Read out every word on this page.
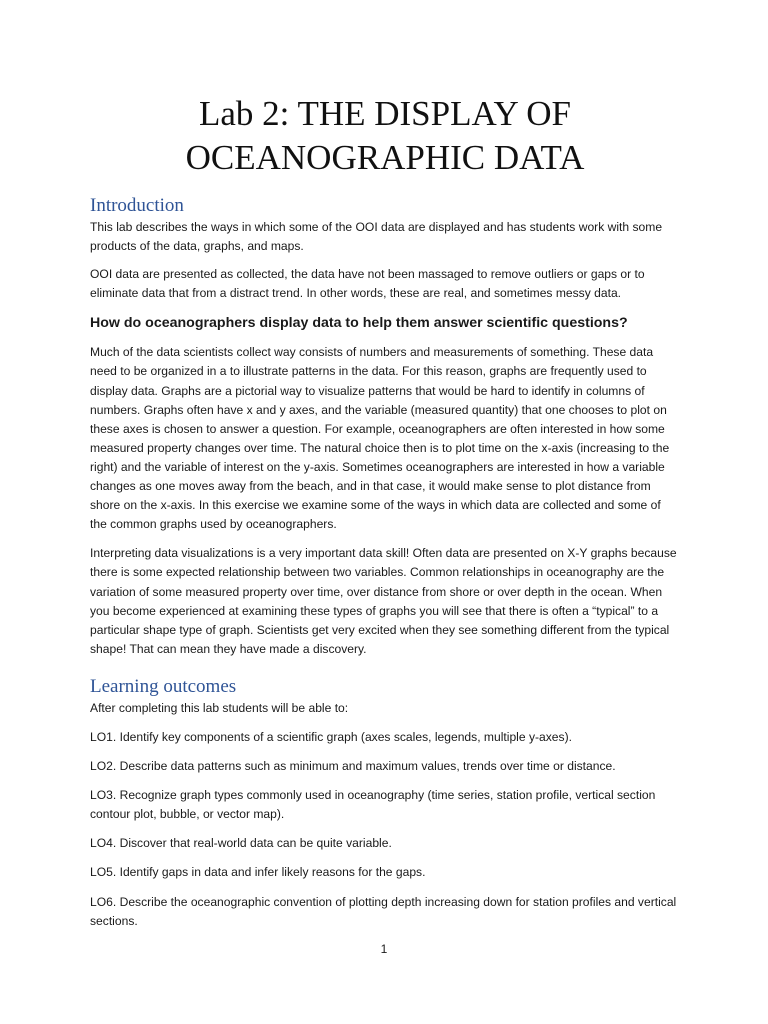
Lab 2: THE DISPLAY OF
OCEANOGRAPHIC DATA
Introduction

This lab describes the ways in which some of the OOI data are displayed and has students work with some products of the data, graphs, and maps.

OOI data are presented as collected, the data have not been massaged to remove outliers or gaps or to eliminate data that from a distract trend. In other words, these are real, and sometimes messy data.

How do oceanographers display data to help them answer scientific questions?

Much of the data scientists collect way consists of numbers and measurements of something. These data need to be organized in a to illustrate patterns in the data. For this reason, graphs are frequently used to display data. Graphs are a pictorial way to visualize patterns that would be hard to identify in columns of numbers. Graphs often have x and y axes, and the variable (measured quantity) that one chooses to plot on these axes is chosen to answer a question. For example, oceanographers are often interested in how some measured property changes over time. The natural choice then is to plot time on the x-axis (increasing to the right) and the variable of interest on the y-axis. Sometimes oceanographers are interested in how a variable changes as one moves away from the beach, and in that case, it would make sense to plot distance from shore on the x-axis. In this exercise we examine some of the ways in which data are collected and some of the common graphs used by oceanographers.

Interpreting data visualizations is a very important data skill! Often data are presented on X-Y graphs because there is some expected relationship between two variables. Common relationships in oceanography are the variation of some measured property over time, over distance from shore or over depth in the ocean. When you become experienced at examining these types of graphs you will see that there is often a “typical” to a particular shape type of graph. Scientists get very excited when they see something different from the typical shape! That can mean they have made a discovery.

Learning outcomes

After completing this lab students will be able to:

LO1. Identify key components of a scientific graph (axes scales, legends, multiple y-axes).

LO2. Describe data patterns such as minimum and maximum values, trends over time or distance.

LO3. Recognize graph types commonly used in oceanography (time series, station profile, vertical section contour plot, bubble, or vector map).

LO4. Discover that real-world data can be quite variable.

LO5. Identify gaps in data and infer likely reasons for the gaps.

LO6. Describe the oceanographic convention of plotting depth increasing down for station profiles and vertical sections.

1
